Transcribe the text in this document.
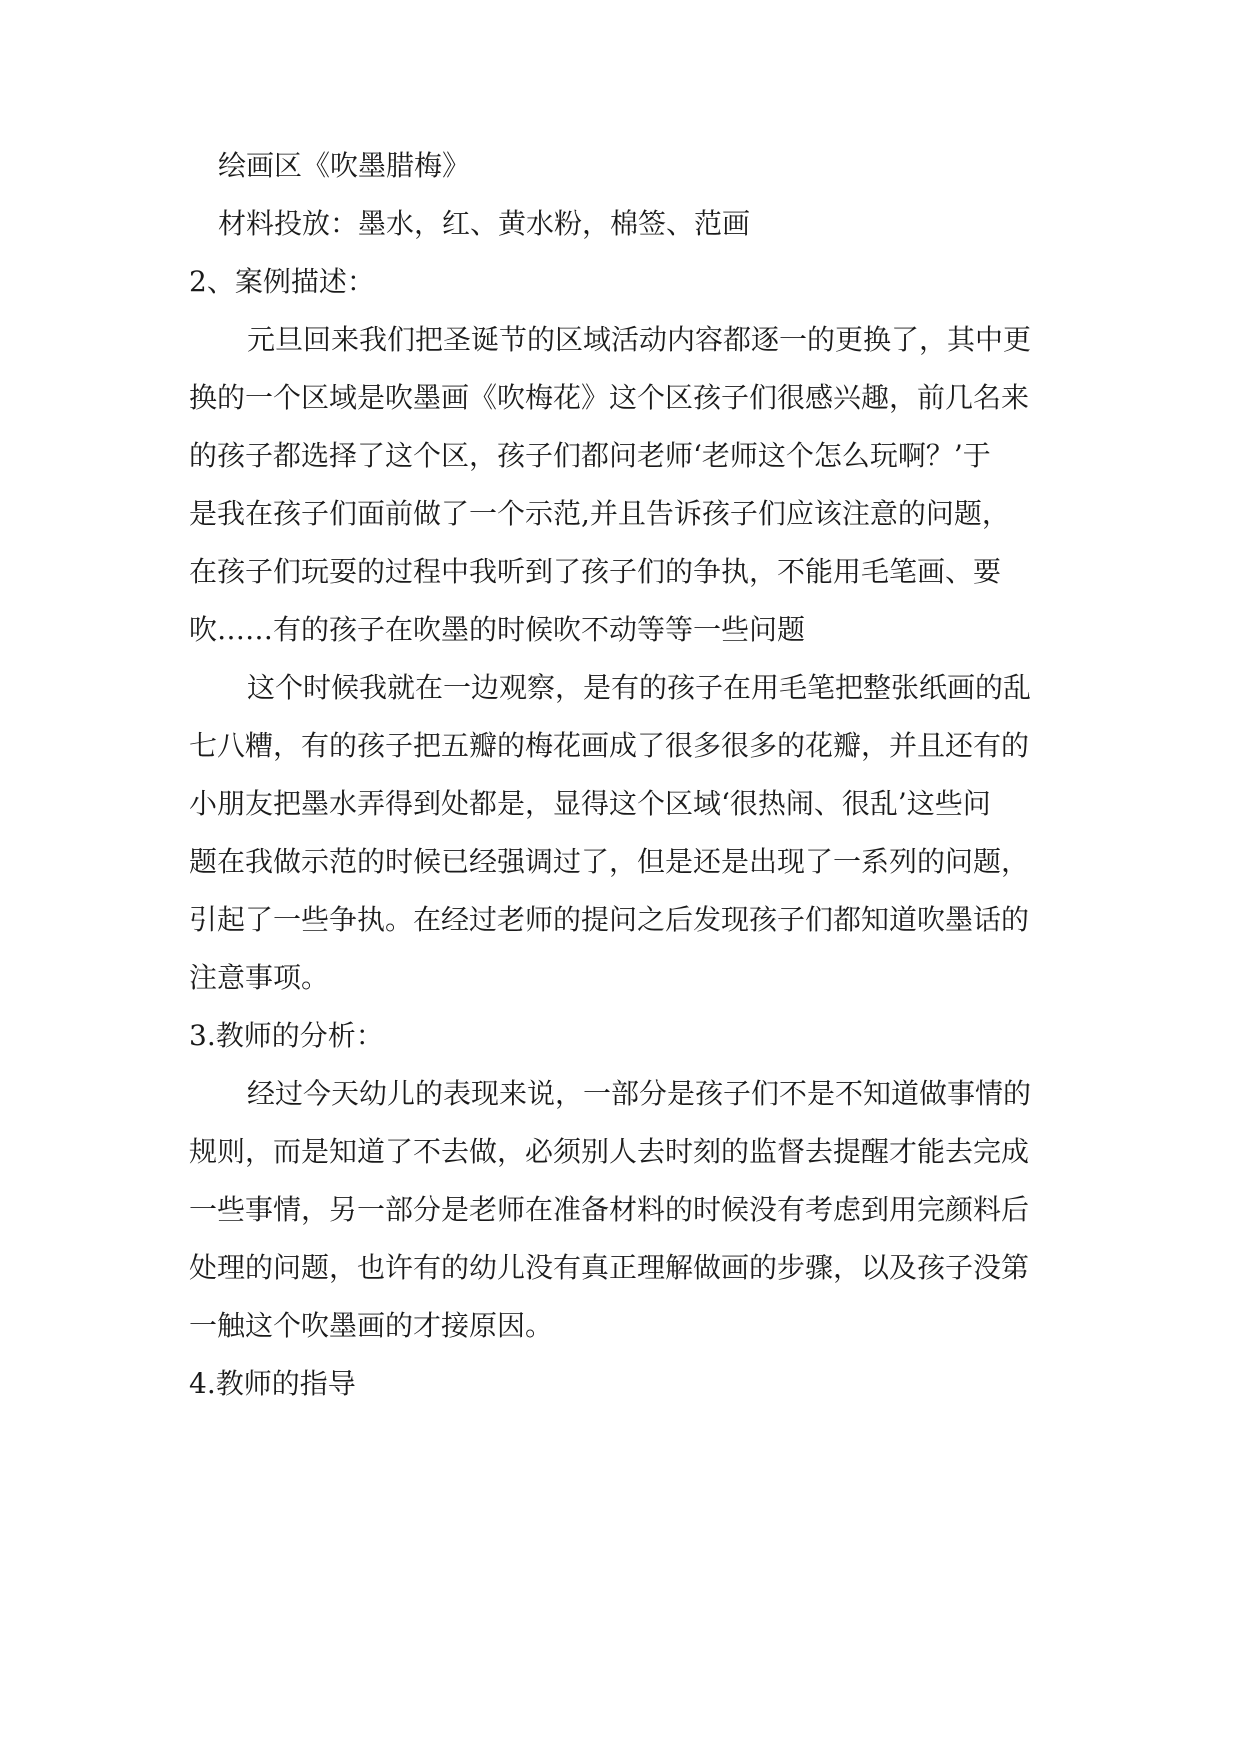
绘画区《吹墨腊梅》
材料投放：墨水，红、黄水粉，棉签、范画
2、案例描述：
元旦回来我们把圣诞节的区域活动内容都逐一的更换了，其中更
换的一个区域是吹墨画《吹梅花》这个区孩子们很感兴趣，前几名来
的孩子都选择了这个区，孩子们都问老师‘老师这个怎么玩啊？’于
是我在孩子们面前做了一个示范,并且告诉孩子们应该注意的问题，
在孩子们玩耍的过程中我听到了孩子们的争执，不能用毛笔画、要
吹……有的孩子在吹墨的时候吹不动等等一些问题
这个时候我就在一边观察，是有的孩子在用毛笔把整张纸画的乱
七八糟，有的孩子把五瓣的梅花画成了很多很多的花瓣，并且还有的
小朋友把墨水弄得到处都是，显得这个区域‘很热闹、很乱’这些问
题在我做示范的时候已经强调过了，但是还是出现了一系列的问题，
引起了一些争执。在经过老师的提问之后发现孩子们都知道吹墨话的
注意事项。
3.教师的分析：
经过今天幼儿的表现来说，一部分是孩子们不是不知道做事情的
规则，而是知道了不去做，必须别人去时刻的监督去提醒才能去完成
一些事情，另一部分是老师在准备材料的时候没有考虑到用完颜料后
处理的问题，也许有的幼儿没有真正理解做画的步骤，以及孩子没第
一触这个吹墨画的才接原因。
4.教师的指导
